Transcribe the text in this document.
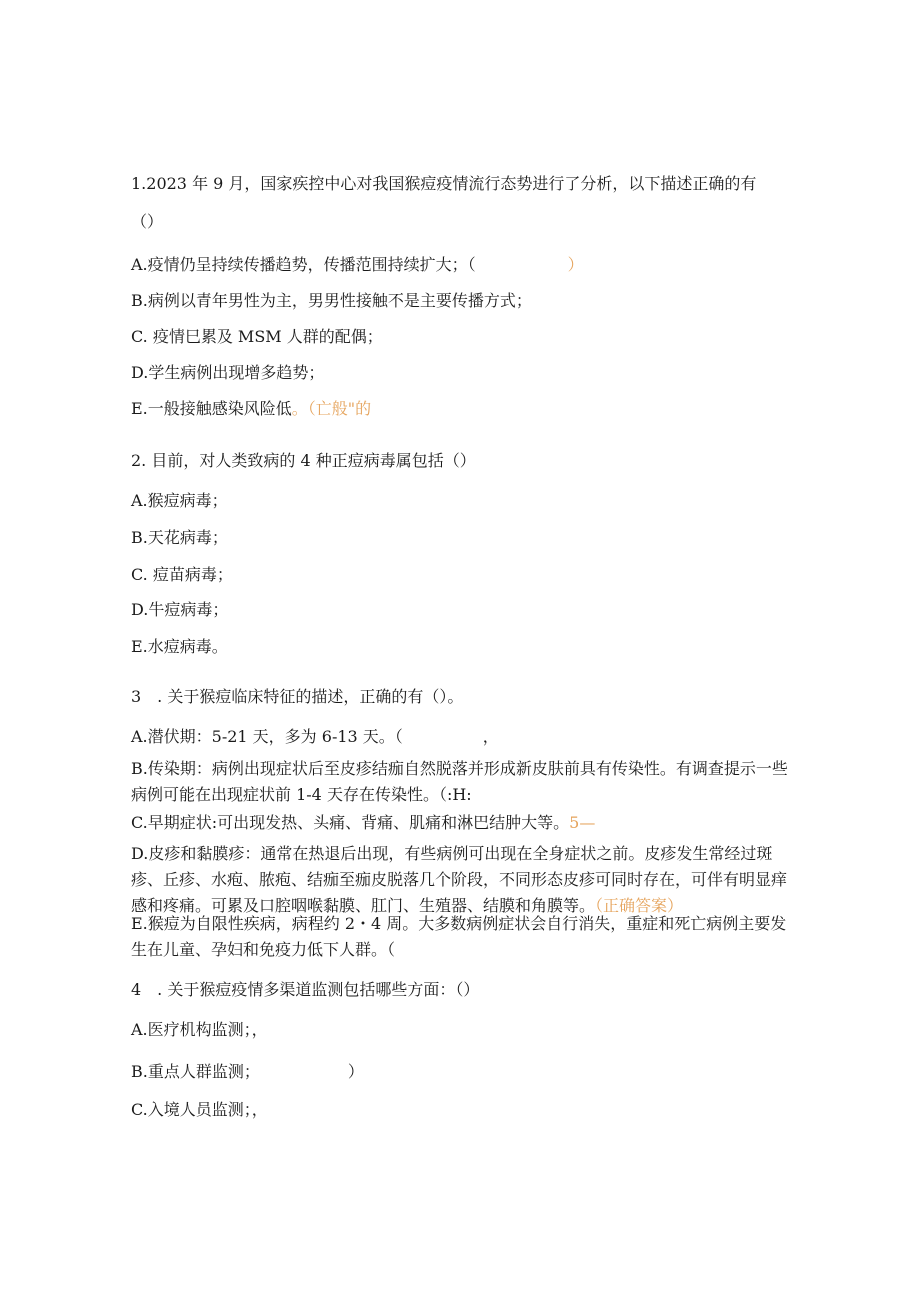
1.2023 年 9 月，国家疾控中心对我国猴痘疫情流行态势进行了分析，以下描述正确的有

（）

A.疫情仍呈持续传播趋势，传播范围持续扩大；（	）

B.病例以青年男性为主，男男性接触不是主要传播方式；

C. 疫情巳累及 MSM 人群的配偶；

D.学生病例出现增多趋势；

E.一般接触感染风险低。（亡般"的

2. 目前，对人类致病的 4 种正痘病毒属包括（）

A.猴痘病毒；

B.天花病毒；

C. 痘苗病毒；

D.牛痘病毒；

E.水痘病毒。

3　. 关于猴痘临床特征的描述，正确的有（）。

A.潜伏期：5-21 天，多为 6-13 天。（　　　　　，

B.传染期：病例出现症状后至皮疹结痂自然脱落并形成新皮肤前具有传染性。有调查提示一些病例可能在出现症状前 1-4 天存在传染性。（:H:

C.早期症状:可出现发热、头痛、背痛、肌痛和淋巴结肿大等。5—

D.皮疹和黏膜疹：通常在热退后出现，有些病例可出现在全身症状之前。皮疹发生常经过斑疹、丘疹、水疱、脓疱、结痂至痂皮脱落几个阶段，不同形态皮疹可同时存在，可伴有明显痒感和疼痛。可累及口腔咽喉黏膜、肛门、生殖器、结膜和角膜等。（正确答案）

E.猴痘为自限性疾病，病程约 2・4 周。大多数病例症状会自行消失，重症和死亡病例主要发生在儿童、孕妇和免疫力低下人群。（

4　. 关于猴痘疫情多渠道监测包括哪些方面：（）

A.医疗机构监测；，

B.重点人群监测；　　　　　　）

C.入境人员监测；，
